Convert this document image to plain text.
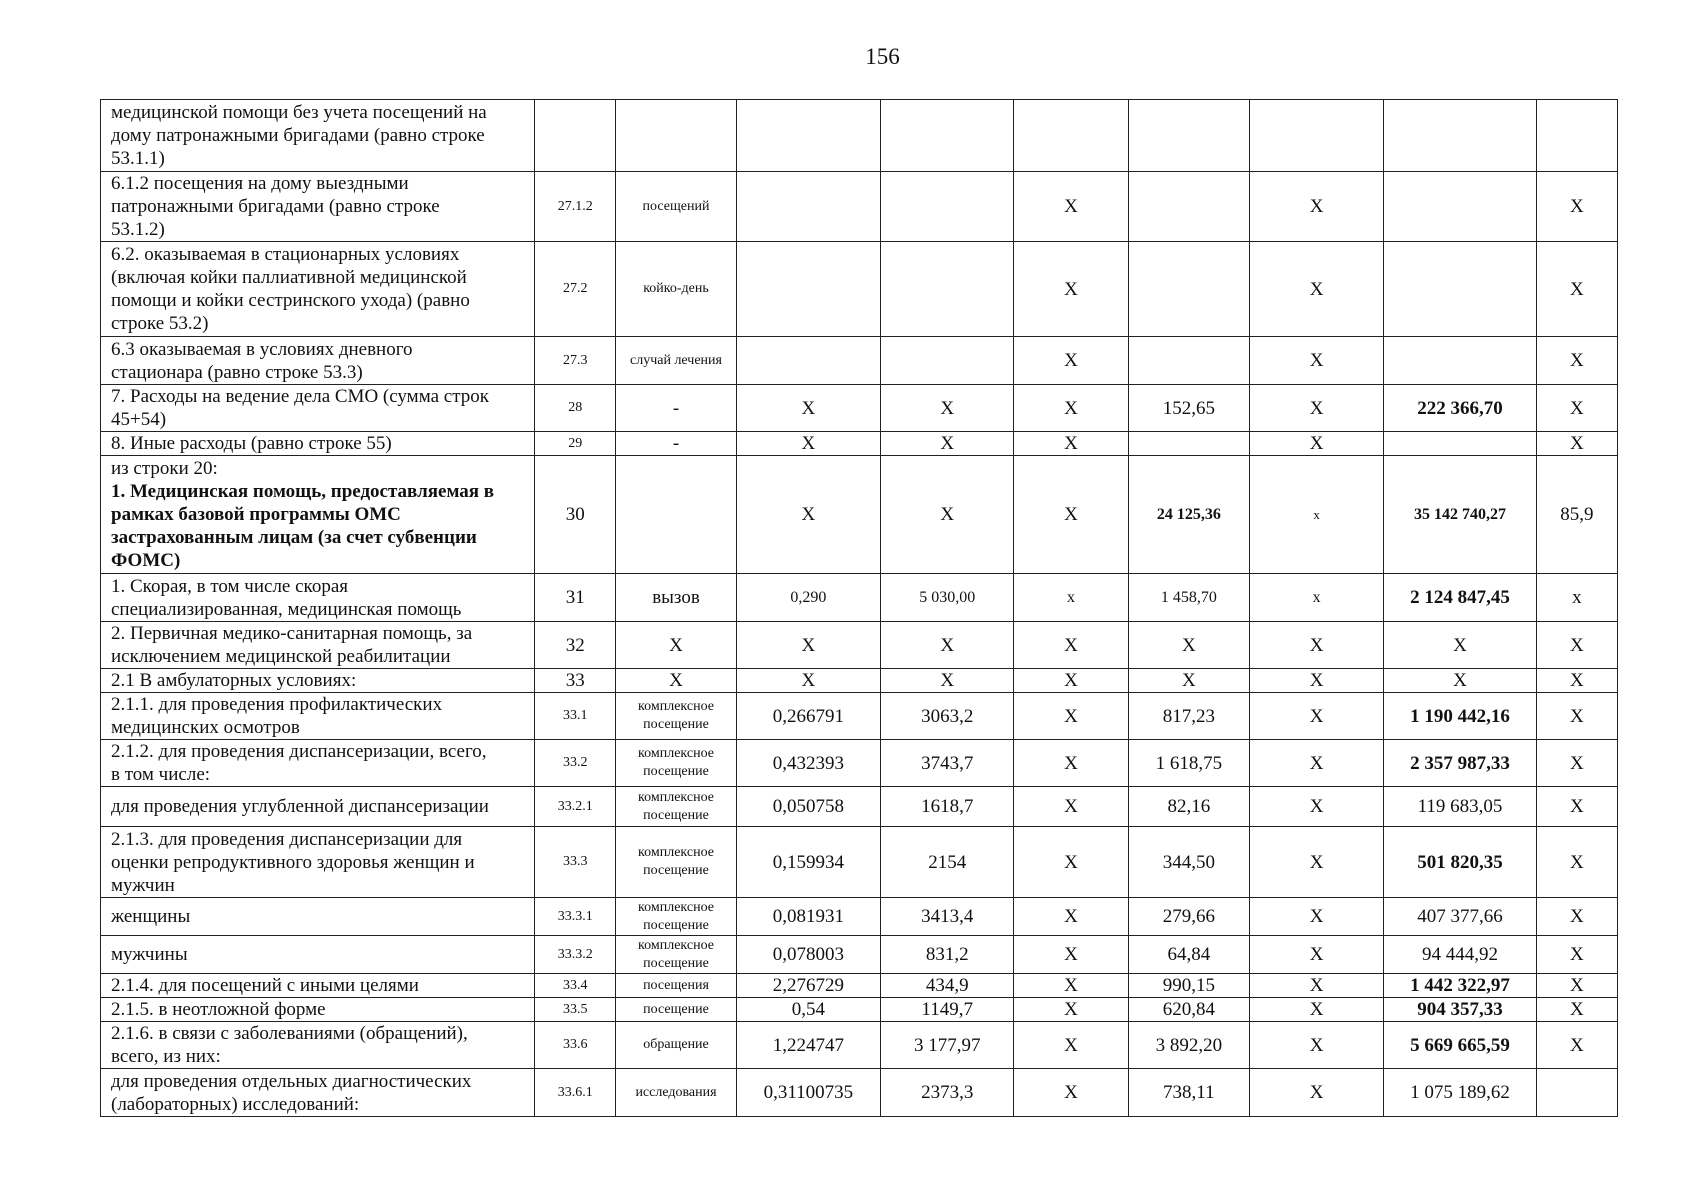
156
медицинской помощи без учета посещений на
дому патронажными бригадами (равно строке
53.1.1)									

6.1.2 посещения на дому выездными
патронажными бригадами (равно строке
53.1.2)	27.1.2	посещений			Х		Х		Х

6.2. оказываемая в стационарных условиях
(включая койки паллиативной медицинской
помощи и койки сестринского ухода) (равно
строке 53.2)	27.2	койко-день			Х		Х		Х

6.3 оказываемая в условиях дневного
стационара (равно строке 53.3)	27.3	случай лечения			Х		Х		Х

7. Расходы на ведение дела СМО (сумма строк
45+54)	28	-	Х	Х	Х	152,65	Х	222 366,70	Х

8. Иные расходы (равно строке 55)	29	-	Х	Х	Х		Х		Х

из строки 20:
1. Медицинская помощь, предоставляемая в
рамках базовой программы ОМС
застрахованным лицам (за счет субвенции
ФОМС)	30		Х	Х	Х	24 125,36	х	35 142 740,27	85,9

1. Скорая, в том числе скорая
специализированная, медицинская помощь	31	вызов	0,290	5 030,00	х	1 458,70	х	2 124 847,45	х

2. Первичная медико-санитарная помощь, за
исключением медицинской реабилитации	32	Х	Х	Х	Х	Х	Х	Х	Х

2.1 В амбулаторных условиях:	33	Х	Х	Х	Х	Х	Х	Х	Х

2.1.1. для проведения профилактических
медицинских осмотров	33.1	комплексное посещение	0,266791	3063,2	Х	817,23	Х	1 190 442,16	Х

2.1.2. для проведения диспансеризации, всего,
в том числе:	33.2	комплексное посещение	0,432393	3743,7	Х	1 618,75	Х	2 357 987,33	Х

для проведения углубленной диспансеризации	33.2.1	комплексное посещение	0,050758	1618,7	Х	82,16	Х	119 683,05	Х

2.1.3. для проведения диспансеризации для
оценки репродуктивного здоровья женщин и
мужчин	33.3	комплексное посещение	0,159934	2154	Х	344,50	Х	501 820,35	Х

женщины	33.3.1	комплексное посещение	0,081931	3413,4	Х	279,66	Х	407 377,66	Х

мужчины	33.3.2	комплексное посещение	0,078003	831,2	Х	64,84	Х	94 444,92	Х

2.1.4. для посещений с иными целями	33.4	посещения	2,276729	434,9	Х	990,15	Х	1 442 322,97	Х

2.1.5. в неотложной форме	33.5	посещение	0,54	1149,7	Х	620,84	Х	904 357,33	Х

2.1.6. в связи с заболеваниями (обращений),
всего, из них:	33.6	обращение	1,224747	3 177,97	Х	3 892,20	Х	5 669 665,59	Х

для проведения отдельных диагностических
(лабораторных) исследований:	33.6.1	исследования	0,31100735	2373,3	Х	738,11	Х	1 075 189,62	
